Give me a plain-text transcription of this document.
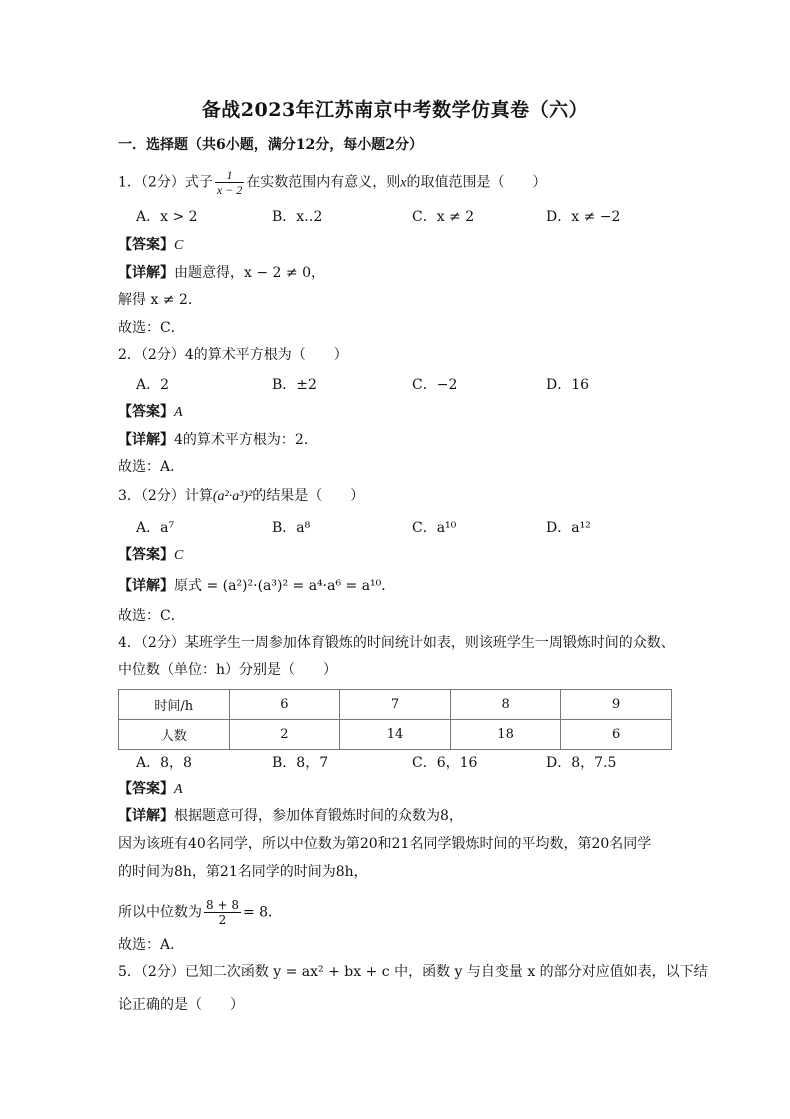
备战2023年江苏南京中考数学仿真卷（六）
一．选择题（共6小题，满分12分，每小题2分）
1．（2分）式子 $\frac{1}{x - 2}$ 在实数范围内有意义，则x的取值范围是（　　）
A．x > 2	B．x‥2	C．x ≠ 2	D．x ≠ −2
【答案】C
【详解】由题意得，x − 2 ≠ 0，
解得 x ≠ 2．
故选：C．
2．（2分）4的算术平方根为（　　）
A．2	B．±2	C．−2	D．16
【答案】A
【详解】4的算术平方根为：2．
故选：A．
3．（2分）计算(a²·a³)²的结果是（　　）
A．a⁷	B．a⁸	C．a¹⁰	D．a¹²
【答案】C
【详解】原式 = (a²)²·(a³)² = a⁴·a⁶ = a¹⁰．
故选：C．
4．（2分）某班学生一周参加体育锻炼的时间统计如表，则该班学生一周锻炼时间的众数、
中位数（单位：h）分别是（　　）
时间/h	6	7	8	9
人数	2	14	18	6
A．8，8	B．8，7	C．6，16	D．8，7.5
【答案】A
【详解】根据题意可得，参加体育锻炼时间的众数为8，
因为该班有40名同学，所以中位数为第20和21名同学锻炼时间的平均数，第20名同学
的时间为8h，第21名同学的时间为8h，
所以中位数为 $\frac{8 + 8}{2} = 8$．
故选：A．
5．（2分）已知二次函数 y = ax² + bx + c 中，函数 y 与自变量 x 的部分对应值如表，以下结
论正确的是（　　）
